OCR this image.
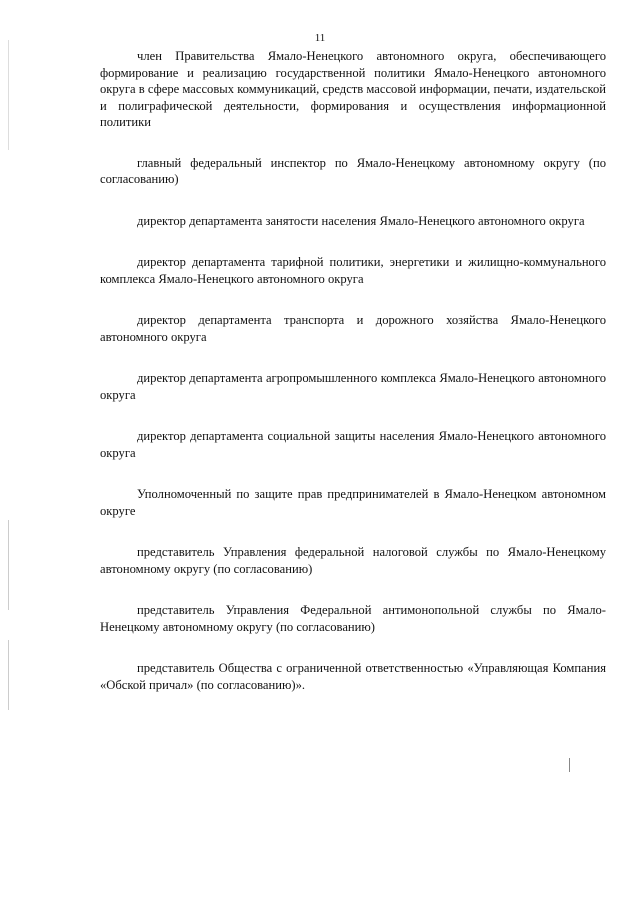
11

член Правительства Ямало-Ненецкого автономного округа, обеспечивающего формирование и реализацию государственной политики Ямало-Ненецкого автономного округа в сфере массовых коммуникаций, средств массовой информации, печати, издательской и полиграфической деятельности, формирования и осуществления информационной политики

главный федеральный инспектор по Ямало-Ненецкому автономному округу (по согласованию)

директор департамента занятости населения Ямало-Ненецкого автономного округа

директор департамента тарифной политики, энергетики и жилищно-коммунального комплекса Ямало-Ненецкого автономного округа

директор департамента транспорта и дорожного хозяйства Ямало-Ненецкого автономного округа

директор департамента агропромышленного комплекса Ямало-Ненецкого автономного округа

директор департамента социальной защиты населения Ямало-Ненецкого автономного округа

Уполномоченный по защите прав предпринимателей в Ямало-Ненецком автономном округе

представитель Управления федеральной налоговой службы по Ямало-Ненецкому автономному округу (по согласованию)

представитель Управления Федеральной антимонопольной службы по Ямало-Ненецкому автономному округу (по согласованию)

представитель Общества с ограниченной ответственностью «Управляющая Компания «Обской причал» (по согласованию)».
